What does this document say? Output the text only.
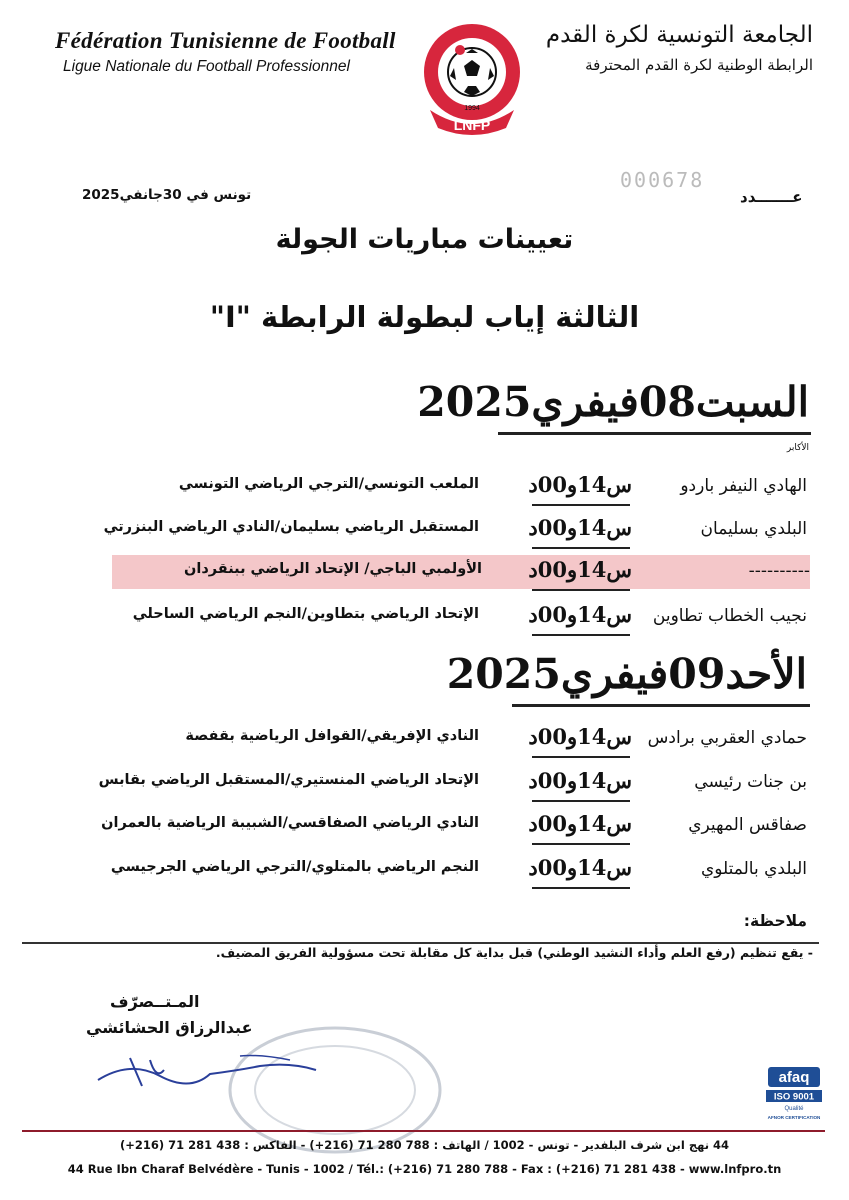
Fédération Tunisienne de Football
Ligue Nationale du Football Professionnel
الجامعة التونسية لكرة القدم
الرابطة الوطنية لكرة القدم المحترفة
LNFP
1994
000678
عـــــــدد
تونس في 30جانفي2025
تعيينات مباريات الجولة
الثالثة إياب لبطولة الرابطة "I"
السبت08فيفري2025
الأكابر
الهادي النيفر باردو
س14و00د
الملعب التونسي/الترجي الرياضي التونسي
البلدي بسليمان
س14و00د
المستقبل الرياضي بسليمان/النادي الرياضي البنزرتي
----------
س14و00د
الأولمبي الباجي/ الإتحاد الرياضي ببنقردان
نجيب الخطاب تطاوين
س14و00د
الإتحاد الرياضي بتطاوين/النجم الرياضي الساحلي
الأحد09فيفري2025
حمادي العقربي برادس
س14و00د
النادي الإفريقي/القوافل الرياضية بقفصة
بن جنات رئيسي
س14و00د
الإتحاد الرياضي المنستيري/المستقبل الرياضي بقابس
صفاقس المهيري
س14و00د
النادي الرياضي الصفاقسي/الشبيبة الرياضية بالعمران
البلدي بالمتلوي
س14و00د
النجم الرياضي بالمتلوي/الترجي الرياضي الجرجيسي
ملاحظة:
- يقع تنظيم (رفع العلم وأداء النشيد الوطني) قبل بداية كل مقابلة تحت مسؤولية الفريق المضيف.
المـتــصرّف
عبدالرزاق الحشائشي
afaq
ISO 9001
Qualité
AFNOR CERTIFICATION
44 نهج ابن شرف البلفدير - تونس - 1002 / الهاتف : 788 280 71 (216+) - الفاكس : 438 281 71 (216+)
44 Rue Ibn Charaf Belvédère - Tunis - 1002 / Tél.: (+216) 71 280 788 - Fax : (+216) 71 281 438 - www.lnfpro.tn
